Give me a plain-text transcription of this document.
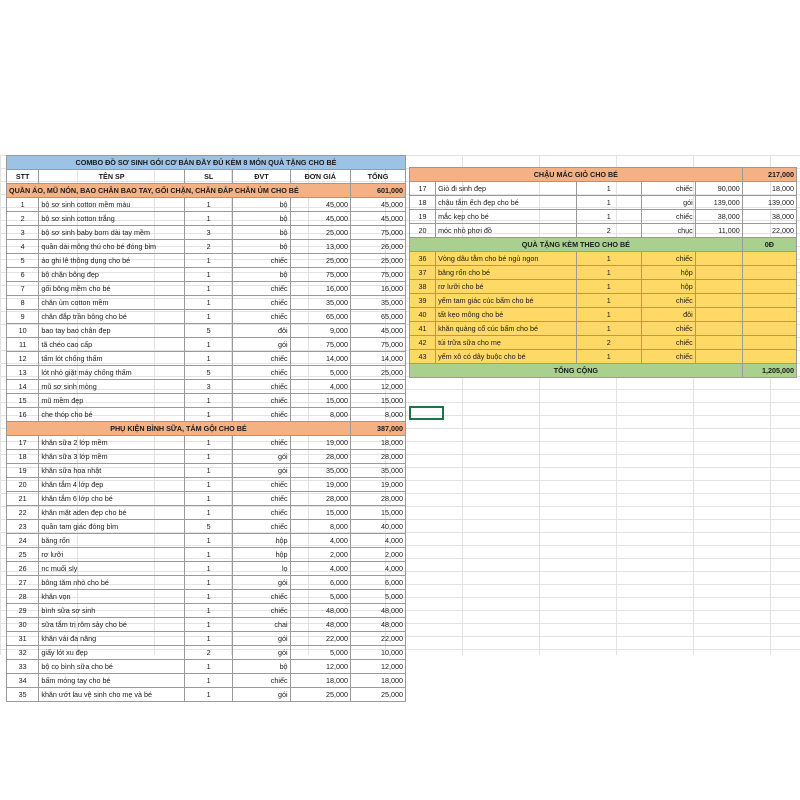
COMBO ĐỒ SƠ SINH GÓI CƠ BẢN ĐẦY ĐỦ KÈM 8 MÓN QUÀ TẶNG CHO BÉ					
STT	TÊN SP	SL	ĐVT	ĐƠN GIÁ	TỔNG
QUẦN ÁO, MŨ NÓN, BAO CHÂN BAO TAY, GỐI CHẶN, CHĂN ĐẮP CHĂN ỦM CHO BÉ					601,000
1	bộ sơ sinh cotton mềm màu	1	bộ	45,000	45,000
2	bộ sơ sinh cotton trắng	1	bộ	45,000	45,000
3	bộ sơ sinh baby born dài tay mềm	3	bộ	25,000	75,000
4	quần dài mông thú cho bé đóng bỉm	2	bộ	13,000	26,000
5	áo ghi lê thông dụng cho bé	1	chiếc	25,000	25,000
6	bộ chặn bông đẹp	1	bộ	75,000	75,000
7	gối bông mềm cho bé	1	chiếc	16,000	16,000
8	chăn ủm cotton mềm	1	chiếc	35,000	35,000
9	chăn đắp trần bông cho bé	1	chiếc	65,000	65,000
10	bao tay bao chân đẹp	5	đôi	9,000	45,000
11	tã chéo cao cấp	1	gói	75,000	75,000
12	tấm lót chống thấm	1	chiếc	14,000	14,000
13	lót nhỏ giặt máy chống thấm	5	chiếc	5,000	25,000
14	mũ sơ sinh mỏng	3	chiếc	4,000	12,000
15	mũ mềm đẹp	1	chiếc	15,000	15,000
16	che thóp cho bé	1	chiếc	8,000	8,000
PHỤ KIỆN BÌNH SỮA, TẮM GỘI CHO BÉ					387,000
17	khăn sữa 2 lớp mềm	1	chiếc	19,000	18,000
18	khăn sữa 3 lớp mềm	1	gói	28,000	28,000
19	khăn sữa hoa nhật	1	gói	35,000	35,000
20	khăn tắm 4 lớp đẹp	1	chiếc	19,000	19,000
21	khăn tắm 6 lớp cho bé	1	chiếc	28,000	28,000
22	khăn mặt aden đẹp cho bé	1	chiếc	15,000	15,000
23	quần tam giác đóng bỉm	5	chiếc	8,000	40,000
24	băng rốn	1	hộp	4,000	4,000
25	rơ lưỡi	1	hộp	2,000	2,000
26	nc muối sly	1	lọ	4,000	4,000
27	bông tăm nhỏ cho bé	1	gói	6,000	6,000
28	khăn vọn	1	chiếc	5,000	5,000
29	bình sữa sơ sinh	1	chiếc	48,000	48,000
30	sữa tắm trị rôm sảy cho bé	1	chai	48,000	48,000
31	khăn vải đa năng	1	gói	22,000	22,000
32	giấy lót xu đẹp	2	gói	5,000	10,000
33	bộ cọ bình sữa cho bé	1	bộ	12,000	12,000
34	bấm móng tay cho bé	1	chiếc	18,000	18,000
35	khăn ướt lau vệ sinh cho mẹ và bé	1	gói	25,000	25,000
CHẬU MẮC GIỎ CHO BÉ					217,000
17	Giỏ đi sinh đẹp	1	chiếc	90,000	18,000
18	chậu tắm ếch đẹp cho bé	1	gói	139,000	139,000
19	mắc kẹp cho bé	1	chiếc	38,000	38,000
20	móc nhỏ phơi đồ	2	chục	11,000	22,000
QUÀ TẶNG KÈM THEO CHO BÉ					0Đ
36	Vòng dâu tằm cho bé ngủ ngon	1	chiếc		
37	băng rốn cho bé	1	hộp		
38	rơ lưỡi cho bé	1	hộp		
39	yếm tam giác cúc bấm cho bé	1	chiếc		
40	tất kẹo mông cho bé	1	đôi		
41	khăn quàng cổ cúc bấm cho bé	1	chiếc		
42	túi trữa sữa cho mẹ	2	chiếc		
43	yếm xô có dây buộc cho bé	1	chiếc		
TỔNG CỘNG					1,205,000
